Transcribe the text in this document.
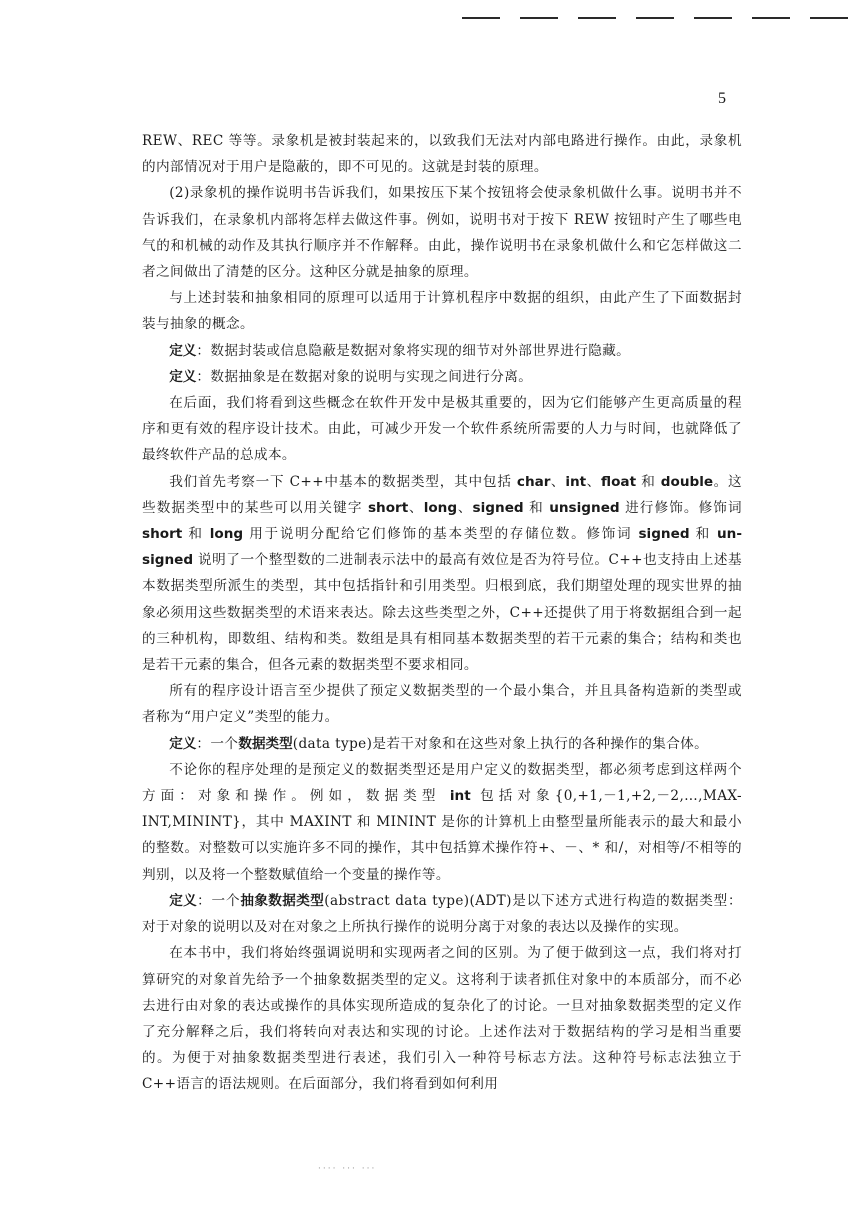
5

REW、REC 等等。录象机是被封装起来的，以致我们无法对内部电路进行操作。由此，录象机的内部情况对于用户是隐蔽的，即不可见的。这就是封装的原理。

(2)录象机的操作说明书告诉我们，如果按压下某个按钮将会使录象机做什么事。说明书并不告诉我们，在录象机内部将怎样去做这件事。例如，说明书对于按下 REW 按钮时产生了哪些电气的和机械的动作及其执行顺序并不作解释。由此，操作说明书在录象机做什么和它怎样做这二者之间做出了清楚的区分。这种区分就是抽象的原理。

与上述封装和抽象相同的原理可以适用于计算机程序中数据的组织，由此产生了下面数据封装与抽象的概念。

定义：数据封装或信息隐蔽是数据对象将实现的细节对外部世界进行隐藏。

定义：数据抽象是在数据对象的说明与实现之间进行分离。

在后面，我们将看到这些概念在软件开发中是极其重要的，因为它们能够产生更高质量的程序和更有效的程序设计技术。由此，可减少开发一个软件系统所需要的人力与时间，也就降低了最终软件产品的总成本。

我们首先考察一下 C++中基本的数据类型，其中包括 char、int、float 和 double。这些数据类型中的某些可以用关键字 short、long、signed 和 unsigned 进行修饰。修饰词 short 和 long 用于说明分配给它们修饰的基本类型的存储位数。修饰词 signed 和 un-signed 说明了一个整型数的二进制表示法中的最高有效位是否为符号位。C++也支持由上述基本数据类型所派生的类型，其中包括指针和引用类型。归根到底，我们期望处理的现实世界的抽象必须用这些数据类型的术语来表达。除去这些类型之外，C++还提供了用于将数据组合到一起的三种机构，即数组、结构和类。数组是具有相同基本数据类型的若干元素的集合；结构和类也是若干元素的集合，但各元素的数据类型不要求相同。

所有的程序设计语言至少提供了预定义数据类型的一个最小集合，并且具备构造新的类型或者称为“用户定义”类型的能力。

定义：一个数据类型(data type)是若干对象和在这些对象上执行的各种操作的集合体。

不论你的程序处理的是预定义的数据类型还是用户定义的数据类型，都必须考虑到这样两个方面：对象和操作。例如，数据类型 int 包括对象{0,+1,－1,+2,－2,…,MAX-INT,MININT}，其中 MAXINT 和 MININT 是你的计算机上由整型量所能表示的最大和最小的整数。对整数可以实施许多不同的操作，其中包括算术操作符+、－、* 和/，对相等/不相等的判别，以及将一个整数赋值给一个变量的操作等。

定义：一个抽象数据类型(abstract data type)(ADT)是以下述方式进行构造的数据类型：对于对象的说明以及对在对象之上所执行操作的说明分离于对象的表达以及操作的实现。

在本书中，我们将始终强调说明和实现两者之间的区别。为了便于做到这一点，我们将对打算研究的对象首先给予一个抽象数据类型的定义。这将利于读者抓住对象中的本质部分，而不必去进行由对象的表达或操作的具体实现所造成的复杂化了的讨论。一旦对抽象数据类型的定义作了充分解释之后，我们将转向对表达和实现的讨论。上述作法对于数据结构的学习是相当重要的。为便于对抽象数据类型进行表述，我们引入一种符号标志方法。这种符号标志法独立于C++语言的语法规则。在后面部分，我们将看到如何利用

···· ··· ···
